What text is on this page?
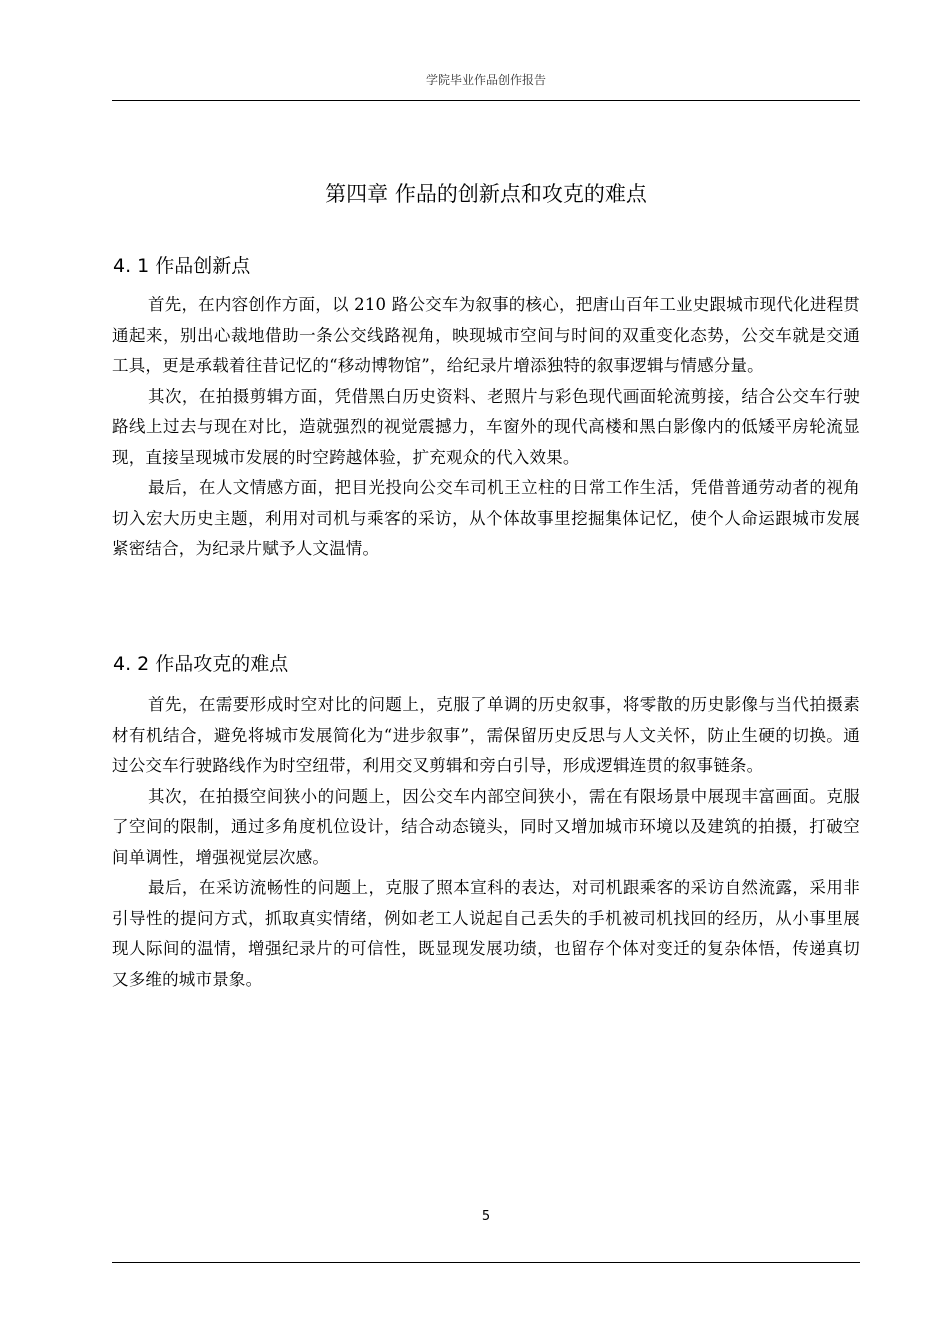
学院毕业作品创作报告
第四章 作品的创新点和攻克的难点
4. 1 作品创新点

首先，在内容创作方面，以 210 路公交车为叙事的核心，把唐山百年工业史跟城市现代化进程贯通起来，别出心裁地借助一条公交线路视角，映现城市空间与时间的双重变化态势，公交车就是交通工具，更是承载着往昔记忆的“移动博物馆”，给纪录片增添独特的叙事逻辑与情感分量。

其次，在拍摄剪辑方面，凭借黑白历史资料、老照片与彩色现代画面轮流剪接，结合公交车行驶路线上过去与现在对比，造就强烈的视觉震撼力，车窗外的现代高楼和黑白影像内的低矮平房轮流显现，直接呈现城市发展的时空跨越体验，扩充观众的代入效果。

最后，在人文情感方面，把目光投向公交车司机王立柱的日常工作生活，凭借普通劳动者的视角切入宏大历史主题，利用对司机与乘客的采访，从个体故事里挖掘集体记忆，使个人命运跟城市发展紧密结合，为纪录片赋予人文温情。

4. 2 作品攻克的难点

首先，在需要形成时空对比的问题上，克服了单调的历史叙事，将零散的历史影像与当代拍摄素材有机结合，避免将城市发展简化为“进步叙事”，需保留历史反思与人文关怀，防止生硬的切换。通过公交车行驶路线作为时空纽带，利用交叉剪辑和旁白引导，形成逻辑连贯的叙事链条。

其次，在拍摄空间狭小的问题上，因公交车内部空间狭小，需在有限场景中展现丰富画面。克服了空间的限制，通过多角度机位设计，结合动态镜头，同时又增加城市环境以及建筑的拍摄，打破空间单调性，增强视觉层次感。

最后，在采访流畅性的问题上，克服了照本宣科的表达，对司机跟乘客的采访自然流露，采用非引导性的提问方式，抓取真实情绪，例如老工人说起自己丢失的手机被司机找回的经历，从小事里展现人际间的温情，增强纪录片的可信性，既显现发展功绩，也留存个体对变迁的复杂体悟，传递真切又多维的城市景象。

5
